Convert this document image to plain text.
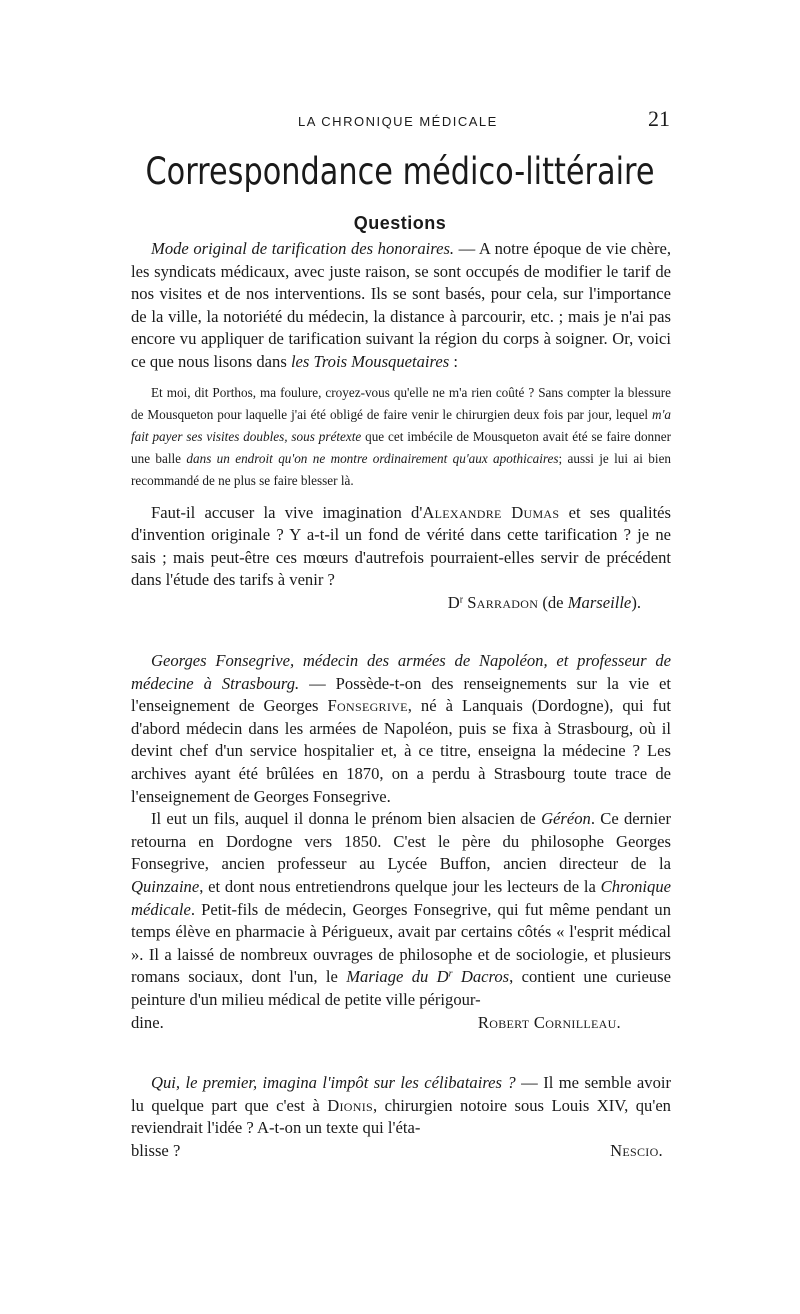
LA CHRONIQUE MÉDICALE	21
Correspondance médico-littéraire
Questions

Mode original de tarification des honoraires. — A notre époque de vie chère, les syndicats médicaux, avec juste raison, se sont occupés de modifier le tarif de nos visites et de nos interventions. Ils se sont basés, pour cela, sur l'importance de la ville, la notoriété du médecin, la distance à parcourir, etc. ; mais je n'ai pas encore vu appliquer de tarification suivant la région du corps à soigner. Or, voici ce que nous lisons dans les Trois Mousquetaires :

Et moi, dit Porthos, ma foulure, croyez-vous qu'elle ne m'a rien coûté ? Sans compter la blessure de Mousqueton pour laquelle j'ai été obligé de faire venir le chirurgien deux fois par jour, lequel m'a fait payer ses visites doubles, sous prétexte que cet imbécile de Mousqueton avait été se faire donner une balle dans un endroit qu'on ne montre ordinairement qu'aux apothicaires; aussi je lui ai bien recommandé de ne plus se faire blesser là.

Faut-il accuser la vive imagination d'Alexandre Dumas et ses qualités d'invention originale ? Y a-t-il un fond de vérité dans cette tarification ? je ne sais ; mais peut-être ces mœurs d'autrefois pourraient-elles servir de précédent dans l'étude des tarifs à venir ?

$D^r$ Sarradon (de Marseille).

Georges Fonsegrive, médecin des armées de Napoléon, et professeur de médecine à Strasbourg. — Possède-t-on des renseignements sur la vie et l'enseignement de Georges Fonsegrive, né à Lanquais (Dordogne), qui fut d'abord médecin dans les armées de Napoléon, puis se fixa à Strasbourg, où il devint chef d'un service hospitalier et, à ce titre, enseigna la médecine ? Les archives ayant été brûlées en 1870, on a perdu à Strasbourg toute trace de l'enseignement de Georges Fonsegrive.

Il eut un fils, auquel il donna le prénom bien alsacien de Géréon. Ce dernier retourna en Dordogne vers 1850. C'est le père du philosophe Georges Fonsegrive, ancien professeur au Lycée Buffon, ancien directeur de la Quinzaine, et dont nous entretiendrons quelque jour les lecteurs de la Chronique médicale. Petit-fils de médecin, Georges Fonsegrive, qui fut même pendant un temps élève en pharmacie à Périgueux, avait par certains côtés « l'esprit médical ». Il a laissé de nombreux ouvrages de philosophe et de sociologie, et plusieurs romans sociaux, dont l'un, le Mariage du $D^r$ Dacros, contient une curieuse peinture d'un milieu médical de petite ville périgour-

dine.	Robert Cornilleau.

Qui, le premier, imagina l'impôt sur les célibataires ? — Il me semble avoir lu quelque part que c'est à Dionis, chirurgien notoire sous Louis XIV, qu'en reviendrait l'idée ? A-t-on un texte qui l'éta-

blisse ?	Nescio.
